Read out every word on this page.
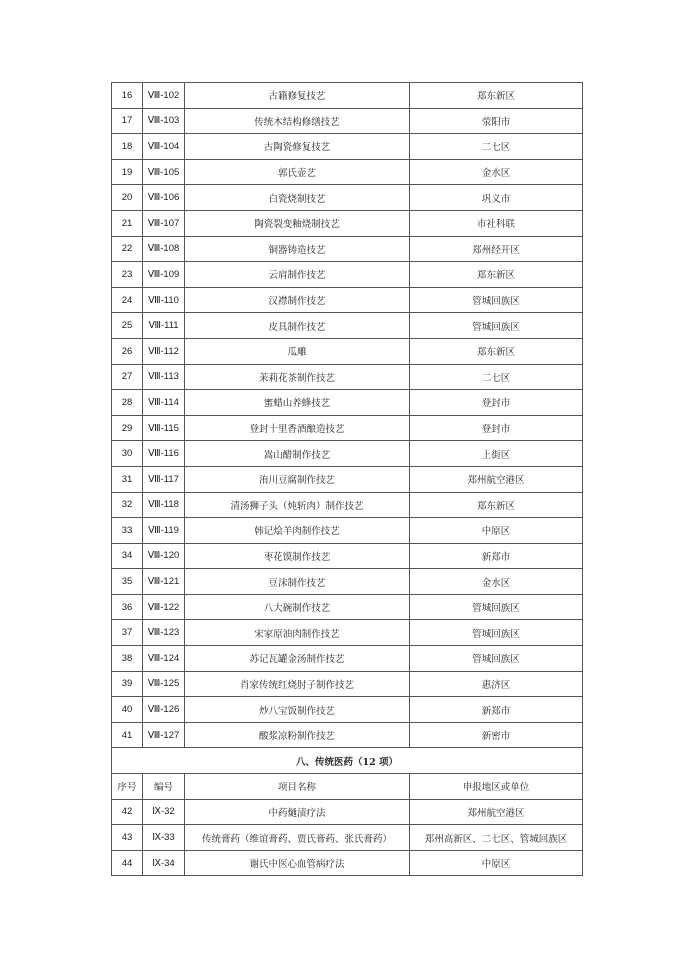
16	Ⅷ-102	古籍修复技艺	郑东新区
17	Ⅷ-103	传统木结构修缮技艺	荥阳市
18	Ⅷ-104	古陶瓷修复技艺	二七区
19	Ⅷ-105	郭氏壶艺	金水区
20	Ⅷ-106	白瓷烧制技艺	巩义市
21	Ⅷ-107	陶瓷裂变釉烧制技艺	市社科联
22	Ⅷ-108	铜器铸造技艺	郑州经开区
23	Ⅷ-109	云肩制作技艺	郑东新区
24	Ⅷ-110	汉襟制作技艺	管城回族区
25	Ⅷ-111	皮具制作技艺	管城回族区
26	Ⅷ-112	瓜雕	郑东新区
27	Ⅷ-113	茉莉花茶制作技艺	二七区
28	Ⅷ-114	蜜蜡山养蜂技艺	登封市
29	Ⅷ-115	登封十里香酒酿造技艺	登封市
30	Ⅷ-116	嵩山醋制作技艺	上街区
31	Ⅷ-117	洧川豆腐制作技艺	郑州航空港区
32	Ⅷ-118	清汤狮子头（炖斩肉）制作技艺	郑东新区
33	Ⅷ-119	韩记烩羊肉制作技艺	中原区
34	Ⅷ-120	枣花馍制作技艺	新郑市
35	Ⅷ-121	豆沫制作技艺	金水区
36	Ⅷ-122	八大碗制作技艺	管城回族区
37	Ⅷ-123	宋家原油肉制作技艺	管城回族区
38	Ⅷ-124	苏记瓦罐金汤制作技艺	管城回族区
39	Ⅷ-125	肖家传统红烧肘子制作技艺	惠济区
40	Ⅷ-126	炒八宝饭制作技艺	新郑市
41	Ⅷ-127	酸浆凉粉制作技艺	新密市
八、传统医药（12 项）			
序号	编号	项目名称	申报地区或单位
42	Ⅸ-32	中药熥渍疗法	郑州航空港区
43	Ⅸ-33	传统膏药（维谊膏药、贾氏膏药、张氏膏药）	郑州高新区、二七区、管城回族区
44	Ⅸ-34	谢氏中医心血管病疗法	中原区
